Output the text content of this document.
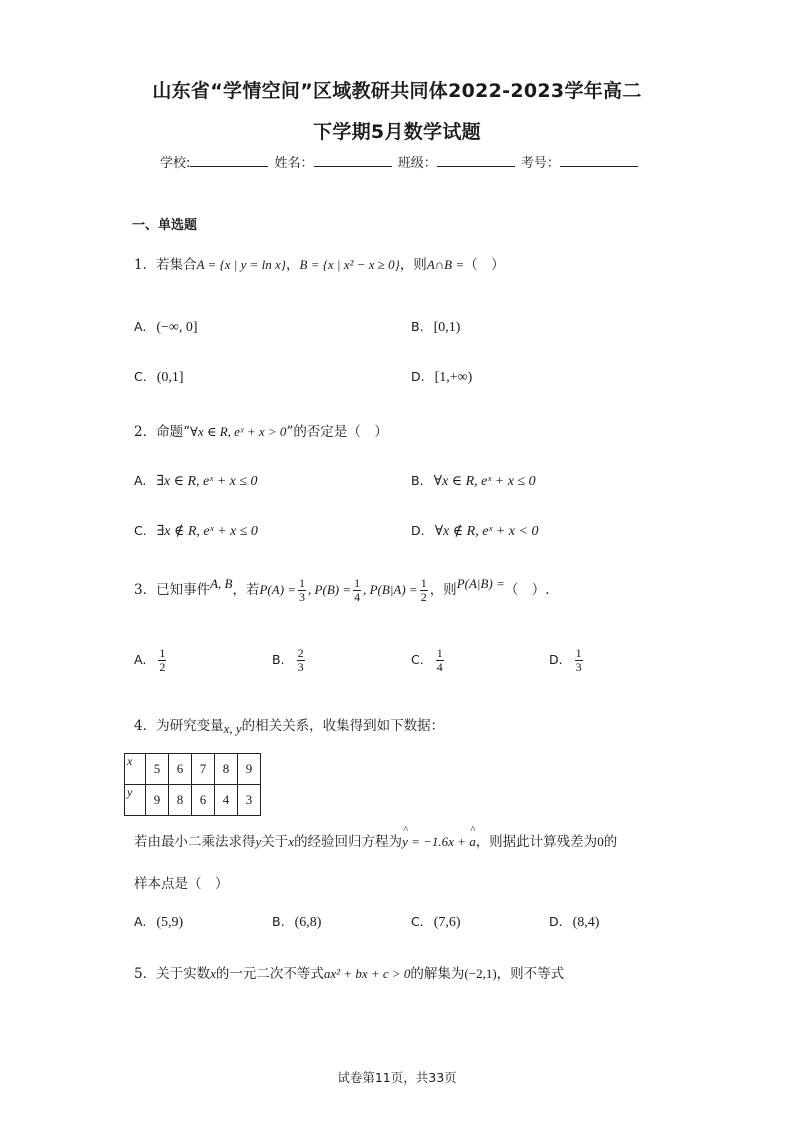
山东省“学情空间”区域教研共同体2022-2023学年高二
下学期5月数学试题
学校:	姓名：	班级：	考号：
一、单选题
1．若集合A = {x | y = ln x}，B = {x | x² − x ≥ 0}，则A∩B =（　）
A. (−∞, 0]	B. [0,1)
C. (0,1]	D. [1,+∞)
2．命题“∀x ∈ R, eˣ + x > 0”的否定是（　）
A. ∃x ∈ R, eˣ + x ≤ 0	B. ∀x ∈ R, eˣ + x ≤ 0
C. ∃x ∉ R, eˣ + x ≤ 0	D. ∀x ∉ R, eˣ + x < 0
3．已知事件A, B，若$P(A) = \frac{1}{3}$ , $P(B) = \frac{1}{4}$ , $P(B|A) = \frac{1}{2}$ ，则P(A|B) =（　）.
A. $\frac{1}{2}$	B. $\frac{2}{3}$	C. $\frac{1}{4}$	D. $\frac{1}{3}$
4．为研究变量x, y的相关关系，收集得到如下数据：
x	5	6	7	8	9
y	9	8	6	4	3
若由最小二乘法求得y关于x的经验回归方程为^ y = −1.6x + ^ a，则据此计算残差为0的
样本点是（　）
A. (5,9)	B. (6,8)	C. (7,6)	D. (8,4)
5．关于实数x的一元二次不等式ax² + bx + c > 0的解集为(−2,1)，则不等式
试卷第11页，共33页
